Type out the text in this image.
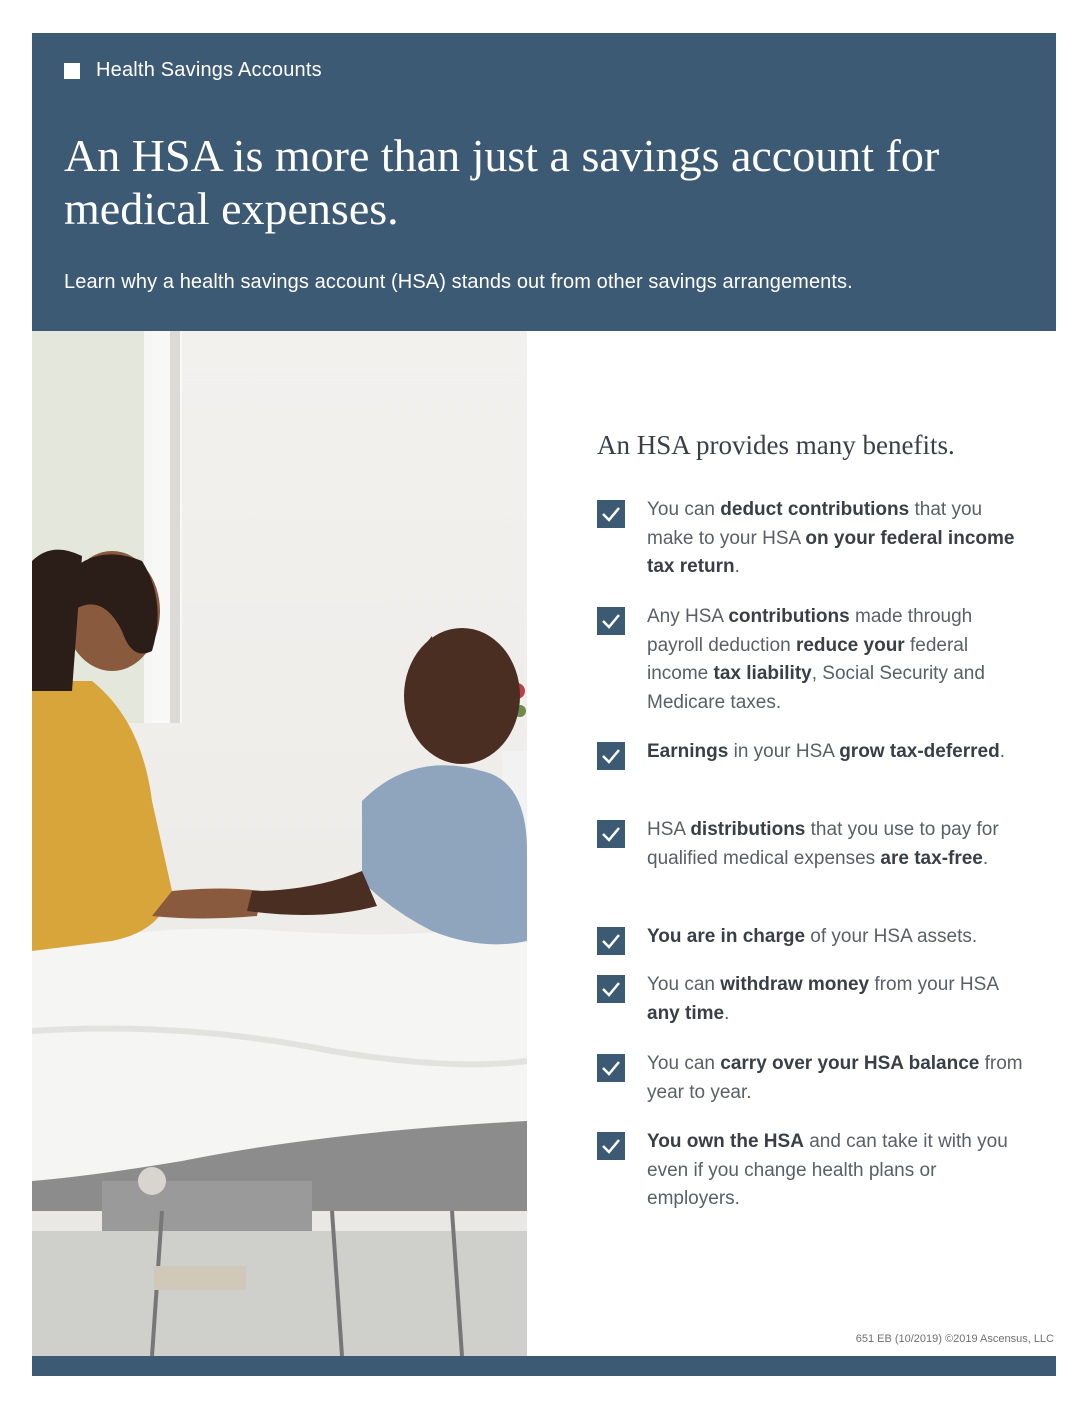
Health Savings Accounts
An HSA is more than just a savings account for medical expenses.

Learn why a health savings account (HSA) stands out from other savings arrangements.

An HSA provides many benefits.
You can deduct contributions that you make to your HSA on your federal income tax return.
Any HSA contributions made through payroll deduction reduce your federal income tax liability, Social Security and Medicare taxes.
Earnings in your HSA grow tax-deferred.
HSA distributions that you use to pay for qualified medical expenses are tax-free.
You are in charge of your HSA assets.
You can withdraw money from your HSA any time.
You can carry over your HSA balance from year to year.
You own the HSA and can take it with you even if you change health plans or employers.
651 EB (10/2019) ©2019 Ascensus, LLC
